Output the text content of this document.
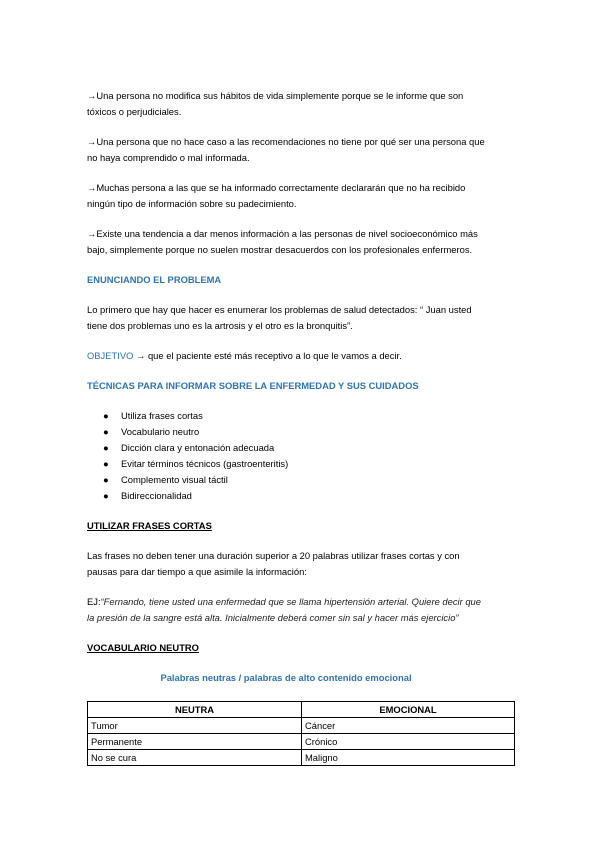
→Una persona no modifica sus hábitos de vida simplemente porque se le informe que son

tóxicos o perjudiciales.

→Una persona que no hace caso a las recomendaciones no tiene por qué ser una persona que

no haya comprendido o mal informada.

→Muchas persona a las que se ha informado correctamente declararán que no ha recibido

ningún tipo de información sobre su padecimiento.

→Existe una tendencia a dar menos información a las personas de nivel socioeconómico más

bajo, simplemente porque no suelen mostrar desacuerdos con los profesionales enfermeros.

ENUNCIANDO EL PROBLEMA

Lo primero que hay que hacer es enumerar los problemas de salud detectados: “ Juan usted

tiene dos problemas uno es la artrosis y el otro es la bronquitis”.

OBJETIVO → que el paciente esté más receptivo a lo que le vamos a decir.

TÉCNICAS PARA INFORMAR SOBRE LA ENFERMEDAD Y SUS CUIDADOS

●	Utiliza frases cortas
●	Vocabulario neutro
●	Dicción clara y entonación adecuada
●	Evitar términos técnicos (gastroenteritis)
●	Complemento visual táctil
●	Bidireccionalidad

UTILIZAR FRASES CORTAS

Las frases no deben tener una duración superior a 20 palabras utilizar frases cortas y con

pausas para dar tiempo a que asimile la información:

EJ:“Fernando, tiene usted una enfermedad que se llama hipertensión arterial. Quiere decir que

la presión de la sangre está alta. Inicialmente deberá comer sin sal y hacer más ejercicio”

VOCABULARIO NEUTRO

Palabras neutras / palabras de alto contenido emocional

NEUTRA	EMOCIONAL
Tumor	Cáncer
Permanente	Crónico
No se cura	Maligno
